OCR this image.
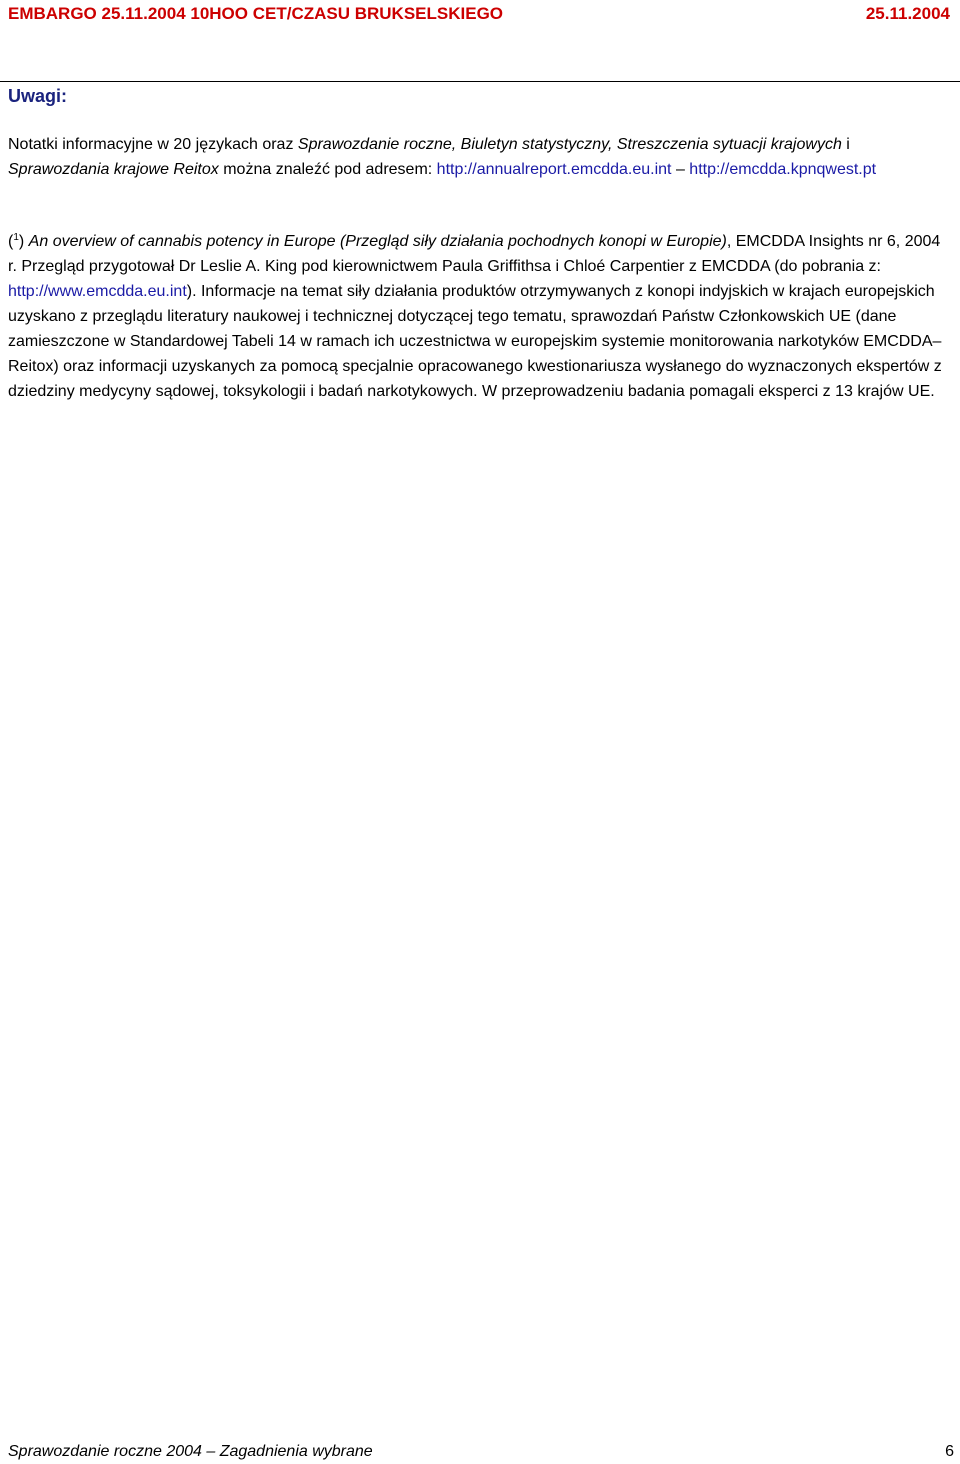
EMBARGO 25.11.2004 10HOO CET/CZASU BRUKSELSKIEGO	25.11.2004
Uwagi:
Notatki informacyjne w 20 językach oraz Sprawozdanie roczne, Biuletyn statystyczny, Streszczenia sytuacji krajowych i Sprawozdania krajowe Reitox można znaleźć pod adresem: http://annualreport.emcdda.eu.int – http://emcdda.kpnqwest.pt
($^1$) An overview of cannabis potency in Europe (Przegląd siły działania pochodnych konopi w Europie), EMCDDA Insights nr 6, 2004 r. Przegląd przygotował Dr Leslie A. King pod kierownictwem Paula Griffithsa i Chloé Carpentier z EMCDDA (do pobrania z: http://www.emcdda.eu.int). Informacje na temat siły działania produktów otrzymywanych z konopi indyjskich w krajach europejskich uzyskano z przeglądu literatury naukowej i technicznej dotyczącej tego tematu, sprawozdań Państw Członkowskich UE (dane zamieszczone w Standardowej Tabeli 14 w ramach ich uczestnictwa w europejskim systemie monitorowania narkotyków EMCDDA–Reitox) oraz informacji uzyskanych za pomocą specjalnie opracowanego kwestionariusza wysłanego do wyznaczonych ekspertów z dziedziny medycyny sądowej, toksykologii i badań narkotykowych. W przeprowadzeniu badania pomagali eksperci z 13 krajów UE.
Sprawozdanie roczne 2004 – Zagadnienia wybrane	6
